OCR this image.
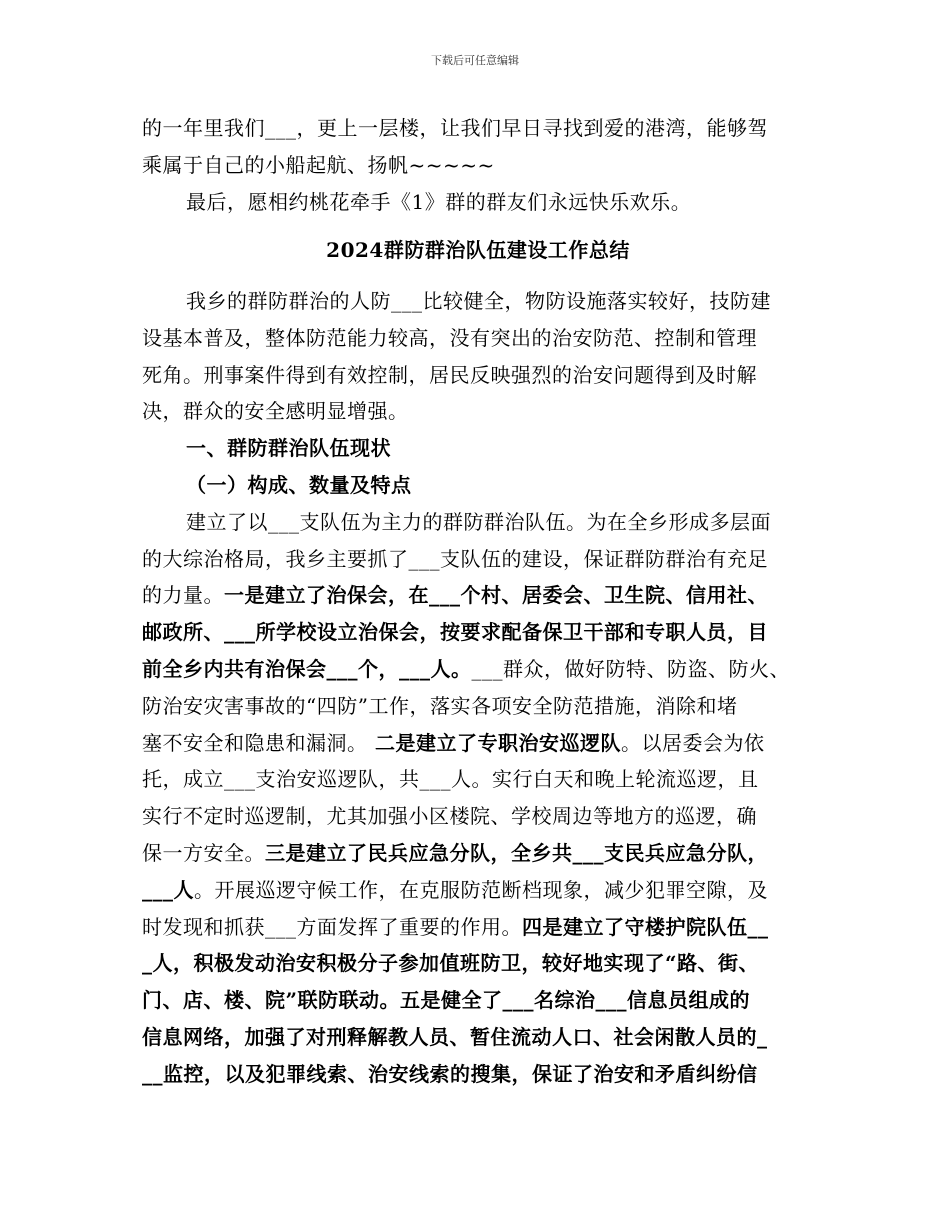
下载后可任意编辑
的一年里我们___，更上一层楼，让我们早日寻找到爱的港湾，能够驾
乘属于自己的小船起航、扬帆~~~~~
最后，愿相约桃花牵手《1》群的群友们永远快乐欢乐。
2024群防群治队伍建设工作总结
我乡的群防群治的人防___比较健全，物防设施落实较好，技防建
设基本普及，整体防范能力较高，没有突出的治安防范、控制和管理
死角。刑事案件得到有效控制，居民反映强烈的治安问题得到及时解
决，群众的安全感明显增强。
一、群防群治队伍现状
（一）构成、数量及特点
建立了以___支队伍为主力的群防群治队伍。为在全乡形成多层面
的大综治格局，我乡主要抓了___支队伍的建设，保证群防群治有充足
的力量。一是建立了治保会，在___个村、居委会、卫生院、信用社、
邮政所、___所学校设立治保会，按要求配备保卫干部和专职人员，目
前全乡内共有治保会___个，___人。___群众，做好防特、防盗、防火、
防治安灾害事故的“四防”工作，落实各项安全防范措施，消除和堵
塞不安全和隐患和漏洞。 二是建立了专职治安巡逻队。以居委会为依
托，成立___支治安巡逻队，共___人。实行白天和晚上轮流巡逻，且
实行不定时巡逻制，尤其加强小区楼院、学校周边等地方的巡逻，确
保一方安全。三是建立了民兵应急分队，全乡共___支民兵应急分队，
___人。开展巡逻守候工作，在克服防范断档现象，减少犯罪空隙，及
时发现和抓获___方面发挥了重要的作用。四是建立了守楼护院队伍__
_人，积极发动治安积极分子参加值班防卫，较好地实现了“路、街、
门、店、楼、院”联防联动。五是健全了___名综治___信息员组成的
信息网络，加强了对刑释解教人员、暂住流动人口、社会闲散人员的_
__监控，以及犯罪线索、治安线索的搜集，保证了治安和矛盾纠纷信
